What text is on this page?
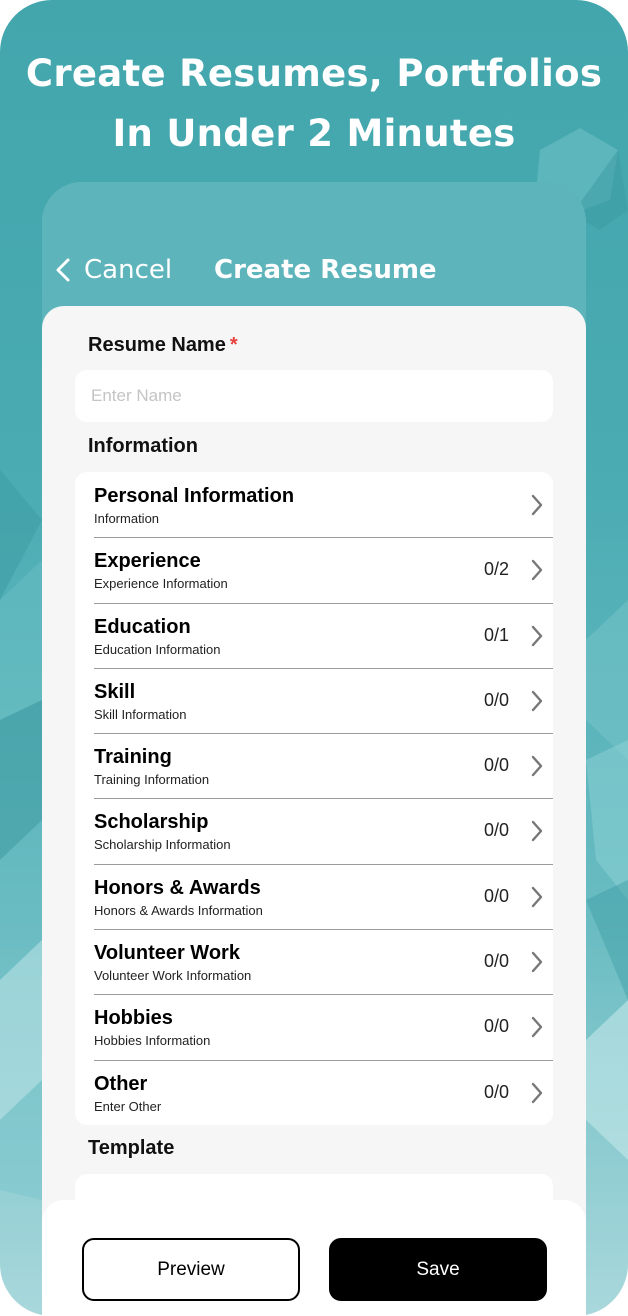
Create Resumes, Portfolios
In Under 2 Minutes
Cancel Create Resume
Resume Name *
Enter Name
Information
Personal Information
Information
Experience
Experience Information
0/2
Education
Education Information
0/1
Skill
Skill Information
0/0
Training
Training Information
0/0
Scholarship
Scholarship Information
0/0
Honors & Awards
Honors & Awards Information
0/0
Volunteer Work
Volunteer Work Information
0/0
Hobbies
Hobbies Information
0/0
Other
Enter Other
0/0
Template
Preview	Save
